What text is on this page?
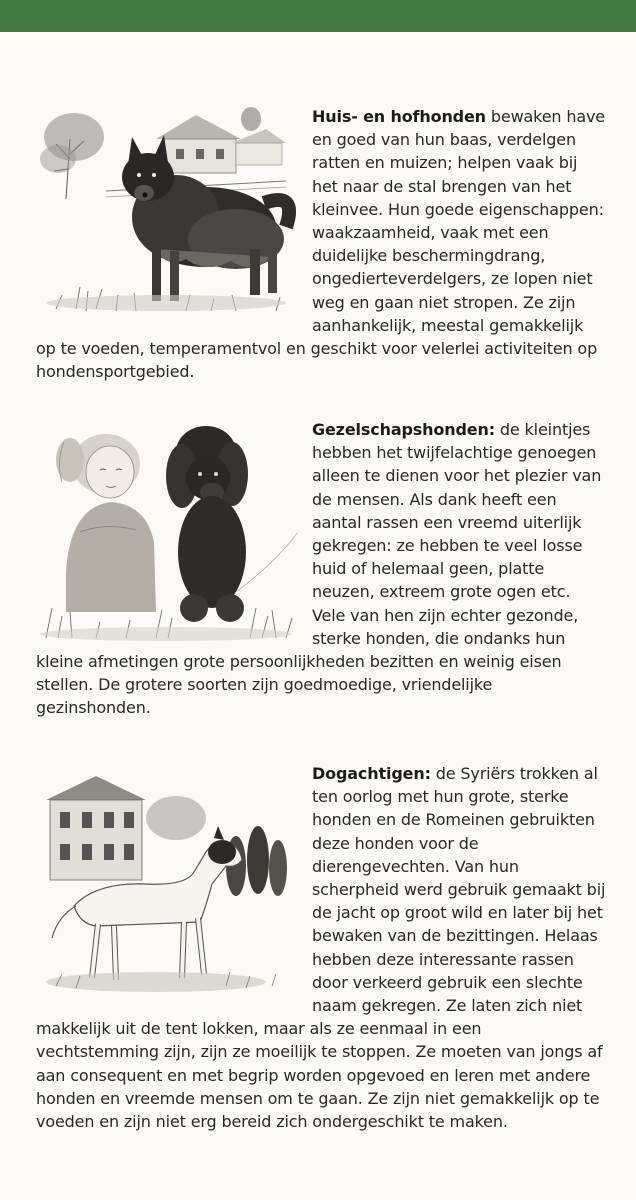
Huis- en hofhonden bewaken have en goed van hun baas, verdelgen ratten en muizen; helpen vaak bij het naar de stal brengen van het kleinvee. Hun goede eigenschappen: waakzaamheid, vaak met een duidelijke beschermingdrang, ongedierteverdelgers, ze lopen niet weg en gaan niet stropen. Ze zijn aanhankelijk, meestal gemakkelijk op te voeden, temperamentvol en geschikt voor velerlei activiteiten op hondensportgebied.

Gezelschapshonden: de kleintjes hebben het twijfelachtige genoegen alleen te dienen voor het plezier van de mensen. Als dank heeft een aantal rassen een vreemd uiterlijk gekregen: ze hebben te veel losse huid of helemaal geen, platte neuzen, extreem grote ogen etc. Vele van hen zijn echter gezonde, sterke honden, die ondanks hun kleine afmetingen grote persoonlijkheden bezitten en weinig eisen stellen. De grotere soorten zijn goedmoedige, vriendelijke gezinshonden.

Dogachtigen: de Syriërs trokken al ten oorlog met hun grote, sterke honden en de Romeinen gebruikten deze honden voor de dierengevechten. Van hun scherpheid werd gebruik gemaakt bij de jacht op groot wild en later bij het bewaken van de bezittingen. Helaas hebben deze interessante rassen door verkeerd gebruik een slechte naam gekregen. Ze laten zich niet makkelijk uit de tent lokken, maar als ze eenmaal in een vechtstemming zijn, zijn ze moeilijk te stoppen. Ze moeten van jongs af aan consequent en met begrip worden opgevoed en leren met andere honden en vreemde mensen om te gaan. Ze zijn niet gemakkelijk op te voeden en zijn niet erg bereid zich ondergeschikt te maken.
